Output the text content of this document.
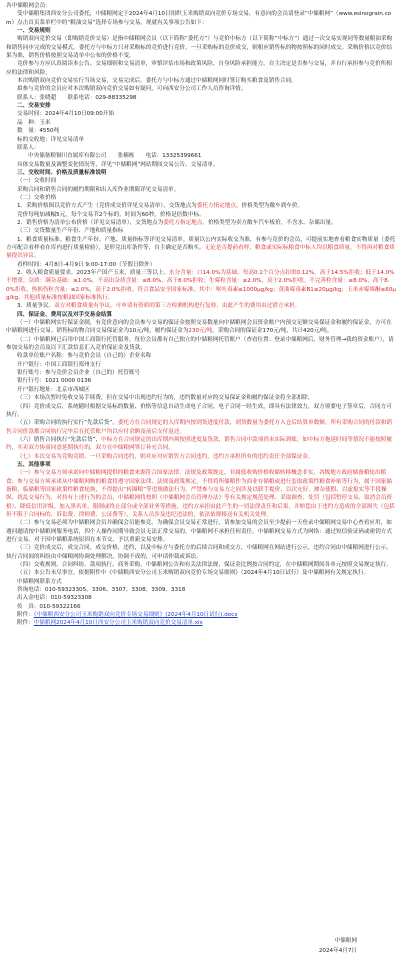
各中储粮网会员：

受中储粮集团西安分公司委托，中储粮网定于2024年4月10日组织玉米购销双向竞价专场交易，有意向的会员请登录“中储粮网”（www.esinograin.com）点击首页菜单栏中的“粮油交易”选择专场参与交易，现就有关事项公告如下：

一、交易规则

购销双向竞价交易（即购销竞价交易）是指中储粮网会员（以下简称“委托方”）与竞价中标方（以下简称“中标方”）通过一次交易实现同等数量粮油采购和销售同步完成的交易模式。委托方与中标方只对采购标的竞价进行竞价，一旦采购标的竞价成交，则相应销售标的物按照标的同时成交。采购价格以竞价结果为准，销售价格按照交易清单中公布的价格不变。

竞价参与方应认真阅读本公告、交易细则和交易清单，审慎评估市场和政策风险、自身风险承担能力，自主决定是否参与交易，并自行承担参与竞价所相应的法律和风险。

本次购销双向竞价交易实行当场交易，交易完成后，委托方与中标方通过中储粮网同时签订购买粮食及销售合同。

拟参与竞价的会员应对本次购销双向竞价交易如有疑问，可向西安分公司工作人员咨询详情。

联系人：张晓超　　联系电话：029-88335298

二、交易安排

交易时间：2024年4月10日09:00开始

品　种：玉米

数　量：4550吨

标的交收地：详见交易清单

联系人：

中央储备粮铜川直属库有限公司　　张楠栋　　电话：13325399661

具体交易数量及调整变化情况等，详见“中储粮网”网站期间交易公告、交易清单。

三、交收时间、价格及质量标准说明

（一）交收时间

采购合同和销售合同的履约期限和出入库作业期限详见交易清单。

（二）交收价格

1．采购价格图以竞价方式产生（竞价成交价详见交易清单），交货地点为委托方指定地点，价格类型为敞车到车价。

竞价每吨加减幅5元，每个交易节2个标的，时间为60秒，价格是倍数中标。

2．销售价格为清单公布价格（详见交易清单），交货地点为委托方指定地点，价格类型为卖方敞车汽车板价，不含水、杂储出量。

（三）交货数量生产年份、产地和质量指标

1．粮食质量标准。粮食生产年份、产地、质量指标等详见交易清单。质量以公内实际收交为准，有参与竞价的会员，可提前实地查看粮食实物质量（委托方可配合看样看在库内进行质量检验），是形兑出库条件等，自主确定是否购买。无论是否提前看样，粮食或实际标粮食中标人均以粮食质量，不得再对粮食质量提出异议。

看样时间：4月8日-4月9日 9:00-17:00（节假日除外）

2．收入粮食质量要求。2023年产国产玉米，质量三等以上。水分含量：口14.0%为基础，每高0.1个百分点扣重0.12%，高于14.5%拒收；低于14.0%不增重。杂质：满杂基础：≤1.0%，不高出杂质含量：≤8.0%，高于8.0%拒收；生霉粒含量：≤2.0%，高于2.0%拒收。不完善粒含量：≤8.0%，高于8.0%拒收。热损伤粒含量：≤2.0%，高于2.0%拒收。符合食品安全国家标准，其中：呕吐毒素≤1000μg/kg；黄曲霉毒素B1≤20μg/kg；玉米赤霉烯酮≤60μg/kg，其他质量标准按粮油国家标准执行。

3．质量争议。双方对粮食质量有争议，可申请有资质的第三方检测机构进行复检，由此产生的费用由过错方承担。

四、保证金、费用以及对手交易金结算

（一）中储粮网实行保证金制，有竞价意向的会员参与交易的保证金按照交易数量向中储粮网会员资金账户内预交足额交易保证金和履约保证金，方可在中储粮网进行交易。销售标的物合同交易保证金为10元/吨，履约保证金为230元/吨，采购合同的保证金170元/吨，共计420元/吨。

（二）中储粮网已启用中国工商银行托管服务。每位会员都有自己独立的中储粮网托管账户（查看位置：登录中储粮网后，财务管理→我的资金账户），请参加交易的会员及以下汇款信息汇入竞价保证金及货款。

收款单位账户名称：参与竞价会员（自己的）企业名称

开户银行：中国工商银行郑州支行

银行账号：参与竞价会员企业（自己的）托管账号

银行行号：1021 0000 0136

开户银行地址：北京市西城区

（三）本场次暂时免收交易手续费，但在交易中出现违约行为的，违约数量对应的交易保证金和履约保证金将全部扣除。

（四）竞价成交后，系统随时根据交易标的数量、价格等信息自动生成电子合同。电子合同一经生成，即具有法律效力，双方须要电子签章后，合同方可执行。

（五）采购合同的执行实行“先款后货”，委托方在合同规定的入库期内按到货进度付款，到货数量为委托方入仓后结算单数额。所有采购合同的付款和销售合同价款都合同执行完毕后在托管账户均以应付余额及前后支付返还。

（六）销售合同执行“先款后货”，中标方在合同规定的出库期内须按照进度及货款，销售合同中款项尚未实际到账，如中标方拖延时间等情况不能按照履约，买卖双方协商同意延期执行的，双方在中储粮网签订补充合同。

（七）本次交易为竞购竞销，一旦采购合同违约，则对应对应销售方合同违约，违约方承担所有的违约责任全部保证金。

五、其他事项

（一）参与交易方须承诺向中储粮网提供的粮食来源符合国家法律、法规及政策规定，非属低收购价格收储转移概念非实、各级地方政府储备粮轮出粮食；参与交易方须承诺从中储粮网购的粮食将遵守国家法律、法规及政策规定，不得将所储粮作为商业存储粮或进行套取政策性粮食补贴等行为，属于国家储备粮、临储粮等国家政策性粮食轮换，不得提出“转圈粮”等违规做法行为。严禁参与交易方之间涉及以联手提价、以次充好、掺杂使假、以虚报实等手段操纵、扰乱交易行为，对持有上述行为的会员，中储粮网将按照《中储粮网会员管理办法》等有关规定规范处理、采取调查、处罚（包括暂停交易、取消会员资格）、降低信用评级、加入黑名单、限制或终止部分或全部业务等措施，违约方承担由此产生的一切法律责任和后果，并赔偿由于违约方造成的全部损失（包括但不限于合同标的、诉讼费、律师费、公证费等），关系人员涉及违纪违法的，依法依规移送有关机关处理。

（二）参与交易必须为中储粮网会员并确保会员能参竞。为确保会员交易正常进行，请参加交易的会员至少提前一天登录中储粮网交易中心查看应用，如遇问题请按中储粮网服务电话，四个人操作同期导致会员无法正常交易的，中储粮网不承担任何责任。中储粮网交易方式为网络：通过短信验证码或密钥方式进行交易。对于因中储粮系统原因在本节交，予以重新交易安排。

（三）竞价成交后，成交合同、成交价格，违约，以及中标方与委托方的后续合同和成交方，中储粮网在网站进行公示，违约合同由中储粮网进行公示。执行合同间的纠纷由中储粮网协调处理解决，协调不成的，可申请仲裁或诉讼。

（四）交收规则、合同纠纷、款项执行、商务采购、中储粮网公告和有关法律法规、保证金比例按合同约定，在中储粮网期间各单元按照交易规定执行。

（五）本公告未尽事宜，依据附件中《中储粮西安分公司玉米购销双向竞价专场交易细则》（2024年4月10日试行）及中储粮网有关规定执行。

中储粮网联系方式

咨询电话：010-59323305、3306、3307、3308、3309、3318

出入金电话：010-59323308

传　真：010-59322166

附件：《中储粮西安分公司玉米购销双向竞价专场交易细则》(2024年4月10日试行).docx

附件：中储粮网2024年4月10日西安分公司玉米购销双向竞价交易清单.xls

中储粮网
2024年4月7日
